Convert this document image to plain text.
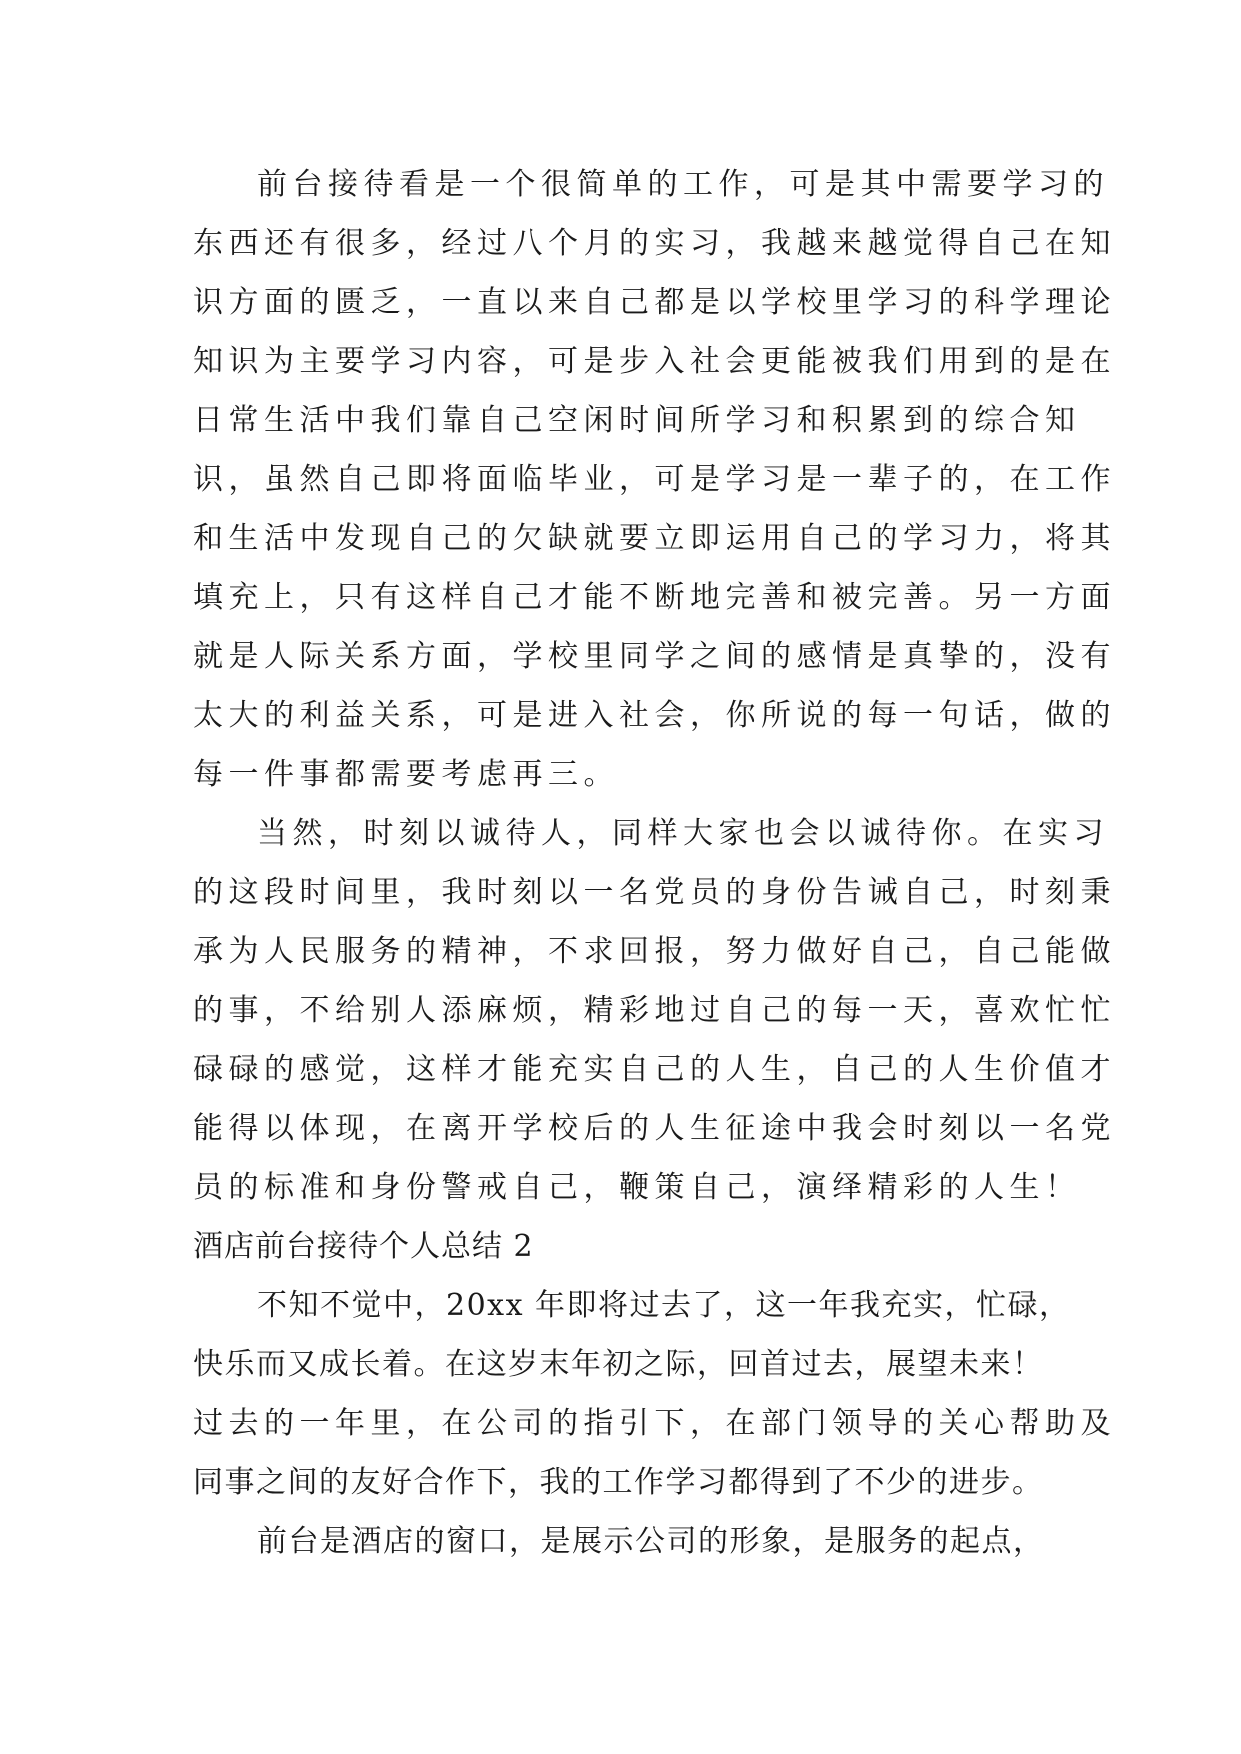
前台接待看是一个很简单的工作，可是其中需要学习的
东西还有很多，经过八个月的实习，我越来越觉得自己在知
识方面的匮乏，一直以来自己都是以学校里学习的科学理论
知识为主要学习内容，可是步入社会更能被我们用到的是在
日常生活中我们靠自己空闲时间所学习和积累到的综合知
识，虽然自己即将面临毕业，可是学习是一辈子的，在工作
和生活中发现自己的欠缺就要立即运用自己的学习力，将其
填充上，只有这样自己才能不断地完善和被完善。另一方面
就是人际关系方面，学校里同学之间的感情是真挚的，没有
太大的利益关系，可是进入社会，你所说的每一句话，做的
每一件事都需要考虑再三。
当然，时刻以诚待人，同样大家也会以诚待你。在实习
的这段时间里，我时刻以一名党员的身份告诫自己，时刻秉
承为人民服务的精神，不求回报，努力做好自己，自己能做
的事，不给别人添麻烦，精彩地过自己的每一天，喜欢忙忙
碌碌的感觉，这样才能充实自己的人生，自己的人生价值才
能得以体现，在离开学校后的人生征途中我会时刻以一名党
员的标准和身份警戒自己，鞭策自己，演绎精彩的人生！
酒店前台接待个人总结 2
不知不觉中，20xx 年即将过去了，这一年我充实，忙碌，
快乐而又成长着。在这岁末年初之际，回首过去，展望未来！
过去的一年里，在公司的指引下，在部门领导的关心帮助及
同事之间的友好合作下，我的工作学习都得到了不少的进步。
前台是酒店的窗口，是展示公司的形象，是服务的起点，
